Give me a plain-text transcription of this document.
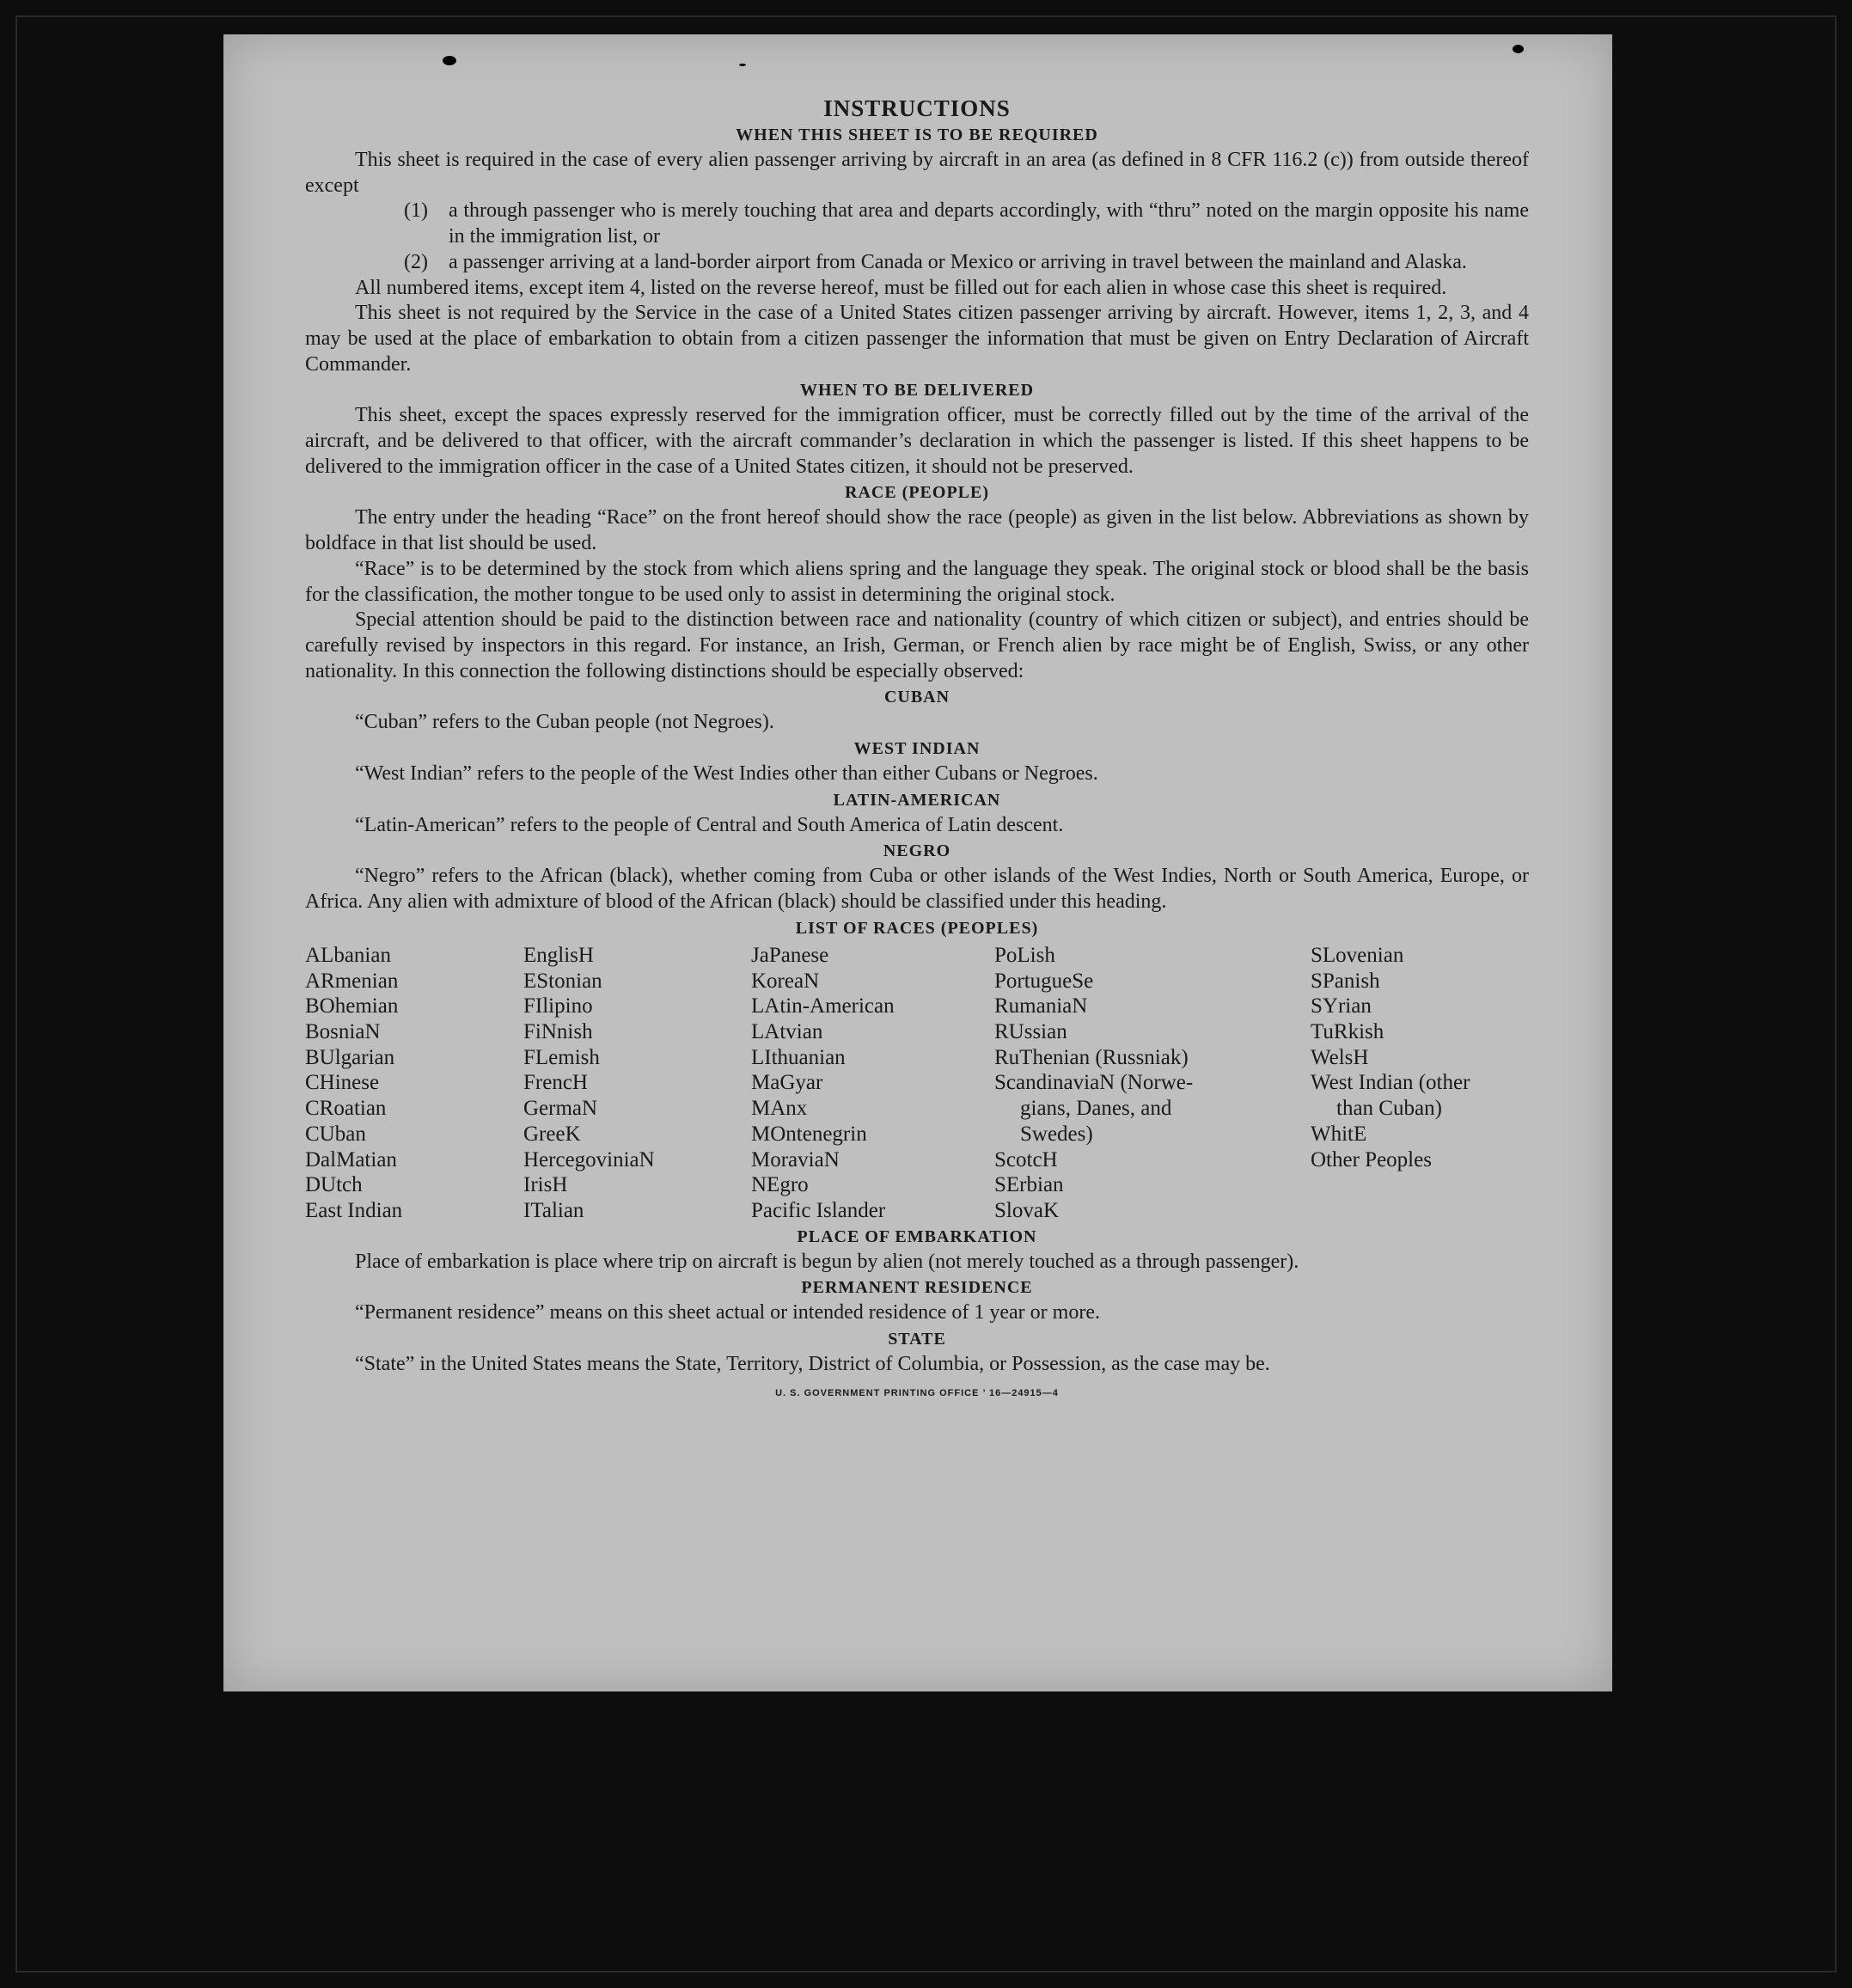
INSTRUCTIONS
WHEN THIS SHEET IS TO BE REQUIRED

This sheet is required in the case of every alien passenger arriving by aircraft in an area (as defined in 8 CFR 116.2 (c)) from outside thereof except

(1)	a through passenger who is merely touching that area and departs accordingly, with “thru” noted on the margin opposite his name in the immigration list, or
(2)	a passenger arriving at a land-border airport from Canada or Mexico or arriving in travel between the mainland and Alaska.

All numbered items, except item 4, listed on the reverse hereof, must be filled out for each alien in whose case this sheet is required.

This sheet is not required by the Service in the case of a United States citizen passenger arriving by aircraft. However, items 1, 2, 3, and 4 may be used at the place of embarkation to obtain from a citizen passenger the information that must be given on Entry Declaration of Aircraft Commander.

WHEN TO BE DELIVERED

This sheet, except the spaces expressly reserved for the immigration officer, must be correctly filled out by the time of the arrival of the aircraft, and be delivered to that officer, with the aircraft commander’s declaration in which the passenger is listed. If this sheet happens to be delivered to the immigration officer in the case of a United States citizen, it should not be preserved.

RACE (PEOPLE)

The entry under the heading “Race” on the front hereof should show the race (people) as given in the list below. Abbreviations as shown by boldface in that list should be used.

“Race” is to be determined by the stock from which aliens spring and the language they speak. The original stock or blood shall be the basis for the classification, the mother tongue to be used only to assist in determining the original stock.

Special attention should be paid to the distinction between race and nationality (country of which citizen or subject), and entries should be carefully revised by inspectors in this regard. For instance, an Irish, German, or French alien by race might be of English, Swiss, or any other nationality. In this connection the following distinctions should be especially observed:

CUBAN

“Cuban” refers to the Cuban people (not Negroes).

WEST INDIAN

“West Indian” refers to the people of the West Indies other than either Cubans or Negroes.

LATIN-AMERICAN

“Latin-American” refers to the people of Central and South America of Latin descent.

NEGRO

“Negro” refers to the African (black), whether coming from Cuba or other islands of the West Indies, North or South America, Europe, or Africa. Any alien with admixture of blood of the African (black) should be classified under this heading.

LIST OF RACES (PEOPLES)
ALbanian
ARmenian
BOhemian
BosniaN
BUlgarian
CHinese
CRoatian
CUban
DalMatian
DUtch
East Indian
EnglisH
EStonian
FIlipino
FiNnish
FLemish
FrencH
GermaN
GreeK
HercegoviniaN
IrisH
ITalian
JaPanese
KoreaN
LAtin-American
LAtvian
LIthuanian
MaGyar
MAnx
MOntenegrin
MoraviaN
NEgro
Pacific Islander
PoLish
PortugueSe
RumaniaN
RUssian
RuThenian (Russniak)
ScandinaviaN (Norwe-
gians, Danes, and
Swedes)
ScotcH
SErbian
SlovaK
SLovenian
SPanish
SYrian
TuRkish
WelsH
West Indian (other
than Cuban)
WhitE
Other Peoples
PLACE OF EMBARKATION

Place of embarkation is place where trip on aircraft is begun by alien (not merely touched as a through passenger).

PERMANENT RESIDENCE

“Permanent residence” means on this sheet actual or intended residence of 1 year or more.

STATE

“State” in the United States means the State, Territory, District of Columbia, or Possession, as the case may be.

U. S. GOVERNMENT PRINTING OFFICE ’ 16—24915—4
